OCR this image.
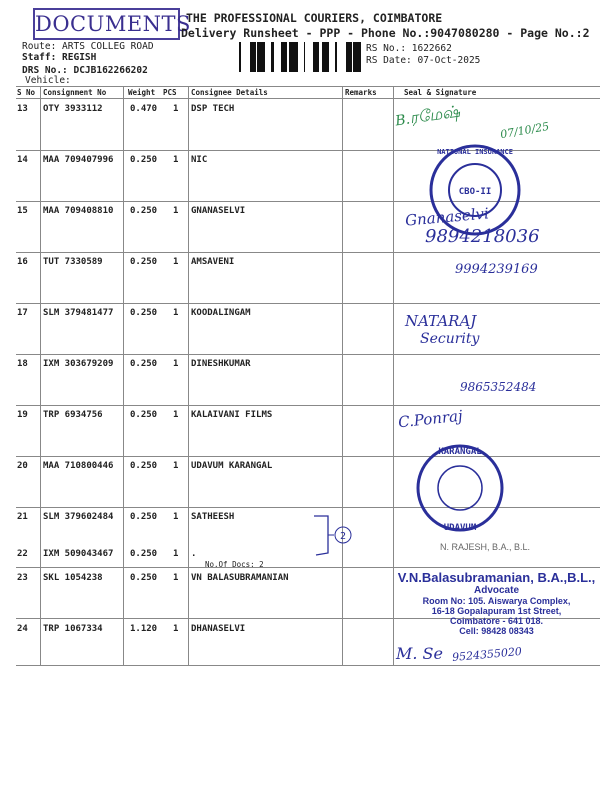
DOCUMENTS
THE PROFESSIONAL COURIERS, COIMBATORE
Delivery Runsheet - PPP - Phone No.:9047080280 - Page No.:2
Route: ARTS COLLEG ROAD
Staff: REGISH
DRS No.: DCJB162266202
Vehicle:
RS No.: 1622662
RS Date: 07-Oct-2025
S No Consignment No	Weight PCS Consignee Details	Remarks	Seal & Signature
13 OTY 3933112	0.470 1 DSP TECH
14 MAA 709407996 0.250 1 NIC
15 MAA 709408810 0.250 1 GNANASELVI
16 TUT 7330589	0.250 1 AMSAVENI
17 SLM 379481477 0.250 1 KOODALINGAM
18 IXM 303679209 0.250 1 DINESHKUMAR
19 TRP 6934756	0.250 1 KALAIVANI FILMS
20 MAA 710800446 0.250 1 UDAVUM KARANGAL
21 SLM 379602484 0.250 1 SATHEESH
22 IXM 509043467 0.250 1 .
No.Of Docs: 2
23 SKL 1054238	0.250 1 VN BALASUBRAMANIAN
24 TRP 1067334	1.120 1 DHANASELVI
B.ரமேஷ்
07/10/25
CBO-II
NATIONAL INSURANCE
Gnanaselvi
9894218036
9994239169
NATARAJ
Security
9865352484
C.Ponraj
KARANGAL
UDAVUM
2
N. RAJESH, B.A., B.L.
V.N.Balasubramanian, B.A.,B.L.,
Advocate
Room No: 105. Aiswarya Complex,
16-18 Gopalapuram 1st Street,
Coimbatore - 641 018.
Cell: 98428 08343
M. Se 9524355020
